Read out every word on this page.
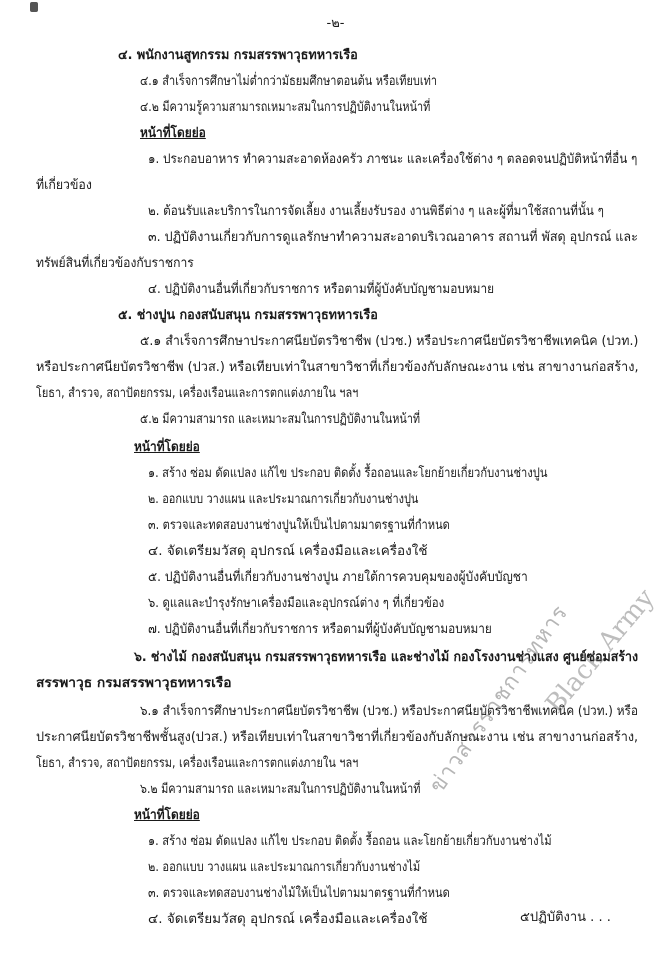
-๒-
๔. พนักงานสูทกรรม กรมสรรพาวุธทหารเรือ
๔.๑ สำเร็จการศึกษาไม่ต่ำกว่ามัธยมศึกษาตอนต้น หรือเทียบเท่า
๔.๒ มีความรู้ความสามารถเหมาะสมในการปฏิบัติงานในหน้าที่
หน้าที่โดยย่อ
๑. ประกอบอาหาร ทำความสะอาดห้องครัว ภาชนะ และเครื่องใช้ต่าง ๆ ตลอดจนปฏิบัติหน้าที่อื่น ๆ
ที่เกี่ยวข้อง
๒. ต้อนรับและบริการในการจัดเลี้ยง งานเลี้ยงรับรอง งานพิธีต่าง ๆ และผู้ที่มาใช้สถานที่นั้น ๆ
๓. ปฏิบัติงานเกี่ยวกับการดูแลรักษาทำความสะอาดบริเวณอาคาร สถานที่ พัสดุ อุปกรณ์ และ
ทรัพย์สินที่เกี่ยวข้องกับราชการ
๔. ปฏิบัติงานอื่นที่เกี่ยวกับราชการ หรือตามที่ผู้บังคับบัญชามอบหมาย
๕. ช่างปูน กองสนับสนุน กรมสรรพาวุธทหารเรือ
๕.๑ สำเร็จการศึกษาประกาศนียบัตรวิชาชีพ (ปวช.) หรือประกาศนียบัตรวิชาชีพเทคนิค (ปวท.)
หรือประกาศนียบัตรวิชาชีพ (ปวส.) หรือเทียบเท่าในสาขาวิชาที่เกี่ยวข้องกับลักษณะงาน เช่น สาขางานก่อสร้าง,
โยธา, สำรวจ, สถาปัตยกรรม, เครื่องเรือนและการตกแต่งภายใน ฯลฯ
๕.๒ มีความสามารถ และเหมาะสมในการปฏิบัติงานในหน้าที่
หน้าที่โดยย่อ
๑. สร้าง ซ่อม ดัดแปลง แก้ไข ประกอบ ติดตั้ง รื้อถอนและโยกย้ายเกี่ยวกับงานช่างปูน
๒. ออกแบบ วางแผน และประมาณการเกี่ยวกับงานช่างปูน
๓. ตรวจและทดสอบงานช่างปูนให้เป็นไปตามมาตรฐานที่กำหนด
๔. จัดเตรียมวัสดุ อุปกรณ์ เครื่องมือและเครื่องใช้
๕. ปฏิบัติงานอื่นที่เกี่ยวกับงานช่างปูน ภายใต้การควบคุมของผู้บังคับบัญชา
๖. ดูแลและบำรุงรักษาเครื่องมือและอุปกรณ์ต่าง ๆ ที่เกี่ยวข้อง
๗. ปฏิบัติงานอื่นที่เกี่ยวกับราชการ หรือตามที่ผู้บังคับบัญชามอบหมาย
๖. ช่างไม้ กองสนับสนุน กรมสรรพาวุธทหารเรือ และช่างไม้ กองโรงงานช่างแสง ศูนย์ซ่อมสร้าง
สรรพาวุธ กรมสรรพาวุธทหารเรือ
๖.๑ สำเร็จการศึกษาประกาศนียบัตรวิชาชีพ (ปวช.) หรือประกาศนียบัตรวิชาชีพเทคนิค (ปวท.) หรือ
ประกาศนียบัตรวิชาชีพชั้นสูง(ปวส.) หรือเทียบเท่าในสาขาวิชาที่เกี่ยวข้องกับลักษณะงาน เช่น สาขางานก่อสร้าง,
โยธา, สำรวจ, สถาปัตยกรรม, เครื่องเรือนและการตกแต่งภายใน ฯลฯ
๖.๒ มีความสามารถ และเหมาะสมในการปฏิบัติงานในหน้าที่
หน้าที่โดยย่อ
๑. สร้าง ซ่อม ดัดแปลง แก้ไข ประกอบ ติดตั้ง รื้อถอน และโยกย้ายเกี่ยวกับงานช่างไม้
๒. ออกแบบ วางแผน และประมาณการเกี่ยวกับงานช่างไม้
๓. ตรวจและทดสอบงานช่างไม้ให้เป็นไปตามมาตรฐานที่กำหนด
๔. จัดเตรียมวัสดุ อุปกรณ์ เครื่องมือและเครื่องใช้
ข่าวสารราชการทหาร
Black Army
๕ปฏิบัติงาน . . .
